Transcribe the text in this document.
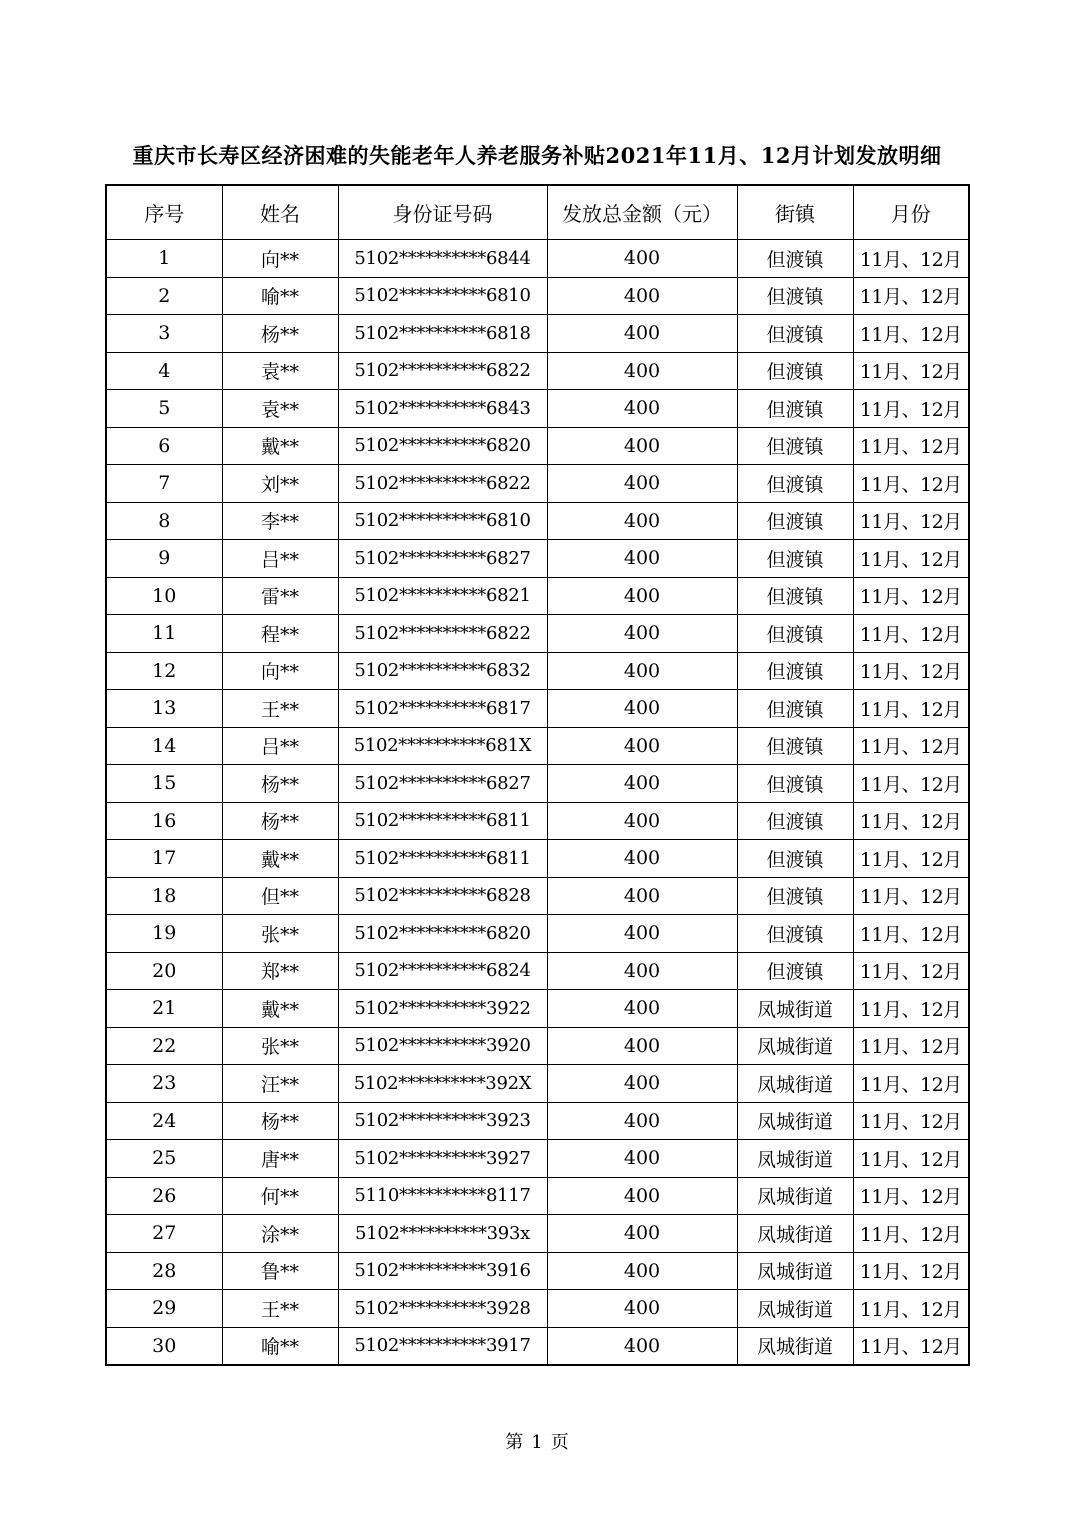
重庆市长寿区经济困难的失能老年人养老服务补贴2021年11月、12月计划发放明细
序号	姓名	身份证号码	发放总金额（元）	街镇	月份
1	向**	5102**********6844	400	但渡镇	11月、12月
2	喻**	5102**********6810	400	但渡镇	11月、12月
3	杨**	5102**********6818	400	但渡镇	11月、12月
4	袁**	5102**********6822	400	但渡镇	11月、12月
5	袁**	5102**********6843	400	但渡镇	11月、12月
6	戴**	5102**********6820	400	但渡镇	11月、12月
7	刘**	5102**********6822	400	但渡镇	11月、12月
8	李**	5102**********6810	400	但渡镇	11月、12月
9	吕**	5102**********6827	400	但渡镇	11月、12月
10	雷**	5102**********6821	400	但渡镇	11月、12月
11	程**	5102**********6822	400	但渡镇	11月、12月
12	向**	5102**********6832	400	但渡镇	11月、12月
13	王**	5102**********6817	400	但渡镇	11月、12月
14	吕**	5102**********681X	400	但渡镇	11月、12月
15	杨**	5102**********6827	400	但渡镇	11月、12月
16	杨**	5102**********6811	400	但渡镇	11月、12月
17	戴**	5102**********6811	400	但渡镇	11月、12月
18	但**	5102**********6828	400	但渡镇	11月、12月
19	张**	5102**********6820	400	但渡镇	11月、12月
20	郑**	5102**********6824	400	但渡镇	11月、12月
21	戴**	5102**********3922	400	凤城街道	11月、12月
22	张**	5102**********3920	400	凤城街道	11月、12月
23	汪**	5102**********392X	400	凤城街道	11月、12月
24	杨**	5102**********3923	400	凤城街道	11月、12月
25	唐**	5102**********3927	400	凤城街道	11月、12月
26	何**	5110**********8117	400	凤城街道	11月、12月
27	涂**	5102**********393x	400	凤城街道	11月、12月
28	鲁**	5102**********3916	400	凤城街道	11月、12月
29	王**	5102**********3928	400	凤城街道	11月、12月
30	喻**	5102**********3917	400	凤城街道	11月、12月
第 1 页
